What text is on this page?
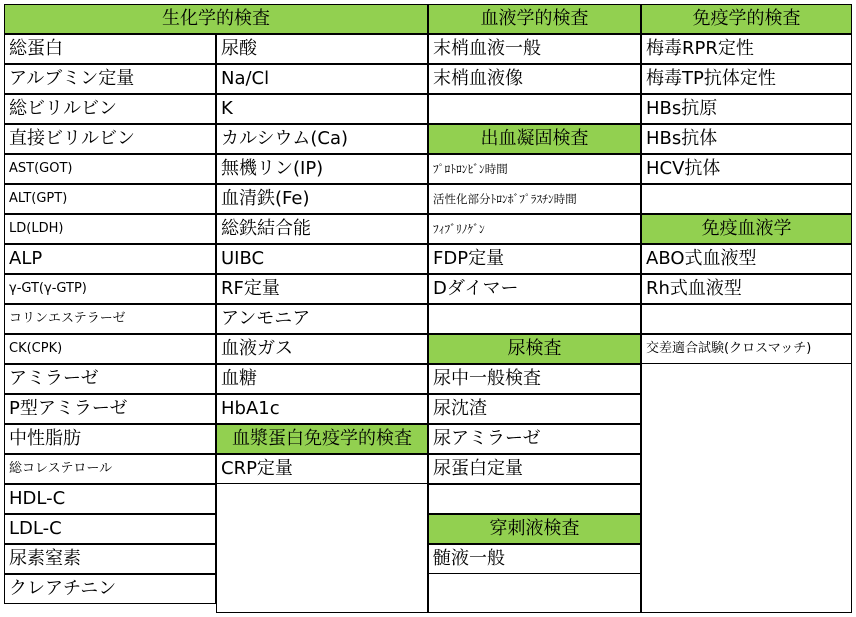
生化学的検査	血液学的検査	免疫学的検査
総蛋白
アルブミン定量
総ビリルビン
直接ビリルビン
AST(GOT)
ALT(GPT)
LD(LDH)
ALP
γ-GT(γ-GTP)
コリンエステラーゼ
CK(CPK)
アミラーゼ
P型アミラーゼ
中性脂肪
総コレステロール
HDL-C
LDL-C
尿素窒素
クレアチニン
尿酸
Na/Cl
K
カルシウム(Ca)
無機リン(IP)
血清鉄(Fe)
総鉄結合能
UIBC
RF定量
アンモニア
血液ガス
血糖
HbA1c
血漿蛋白免疫学的検査
CRP定量
末梢血液一般
末梢血液像
出血凝固検査
ﾌﾟﾛﾄﾛﾝﾋﾞﾝ時間
活性化部分ﾄﾛﾝﾎﾞﾌﾟﾗｽﾁﾝ時間
ﾌｨﾌﾞﾘﾉｹﾞﾝ
FDP定量
Dダイマー
尿検査
尿中一般検査
尿沈渣
尿アミラーゼ
尿蛋白定量
穿刺液検査
髄液一般
梅毒RPR定性
梅毒TP抗体定性
HBs抗原
HBs抗体
HCV抗体
免疫血液学
ABO式血液型
Rh式血液型
交差適合試験(クロスマッチ)
